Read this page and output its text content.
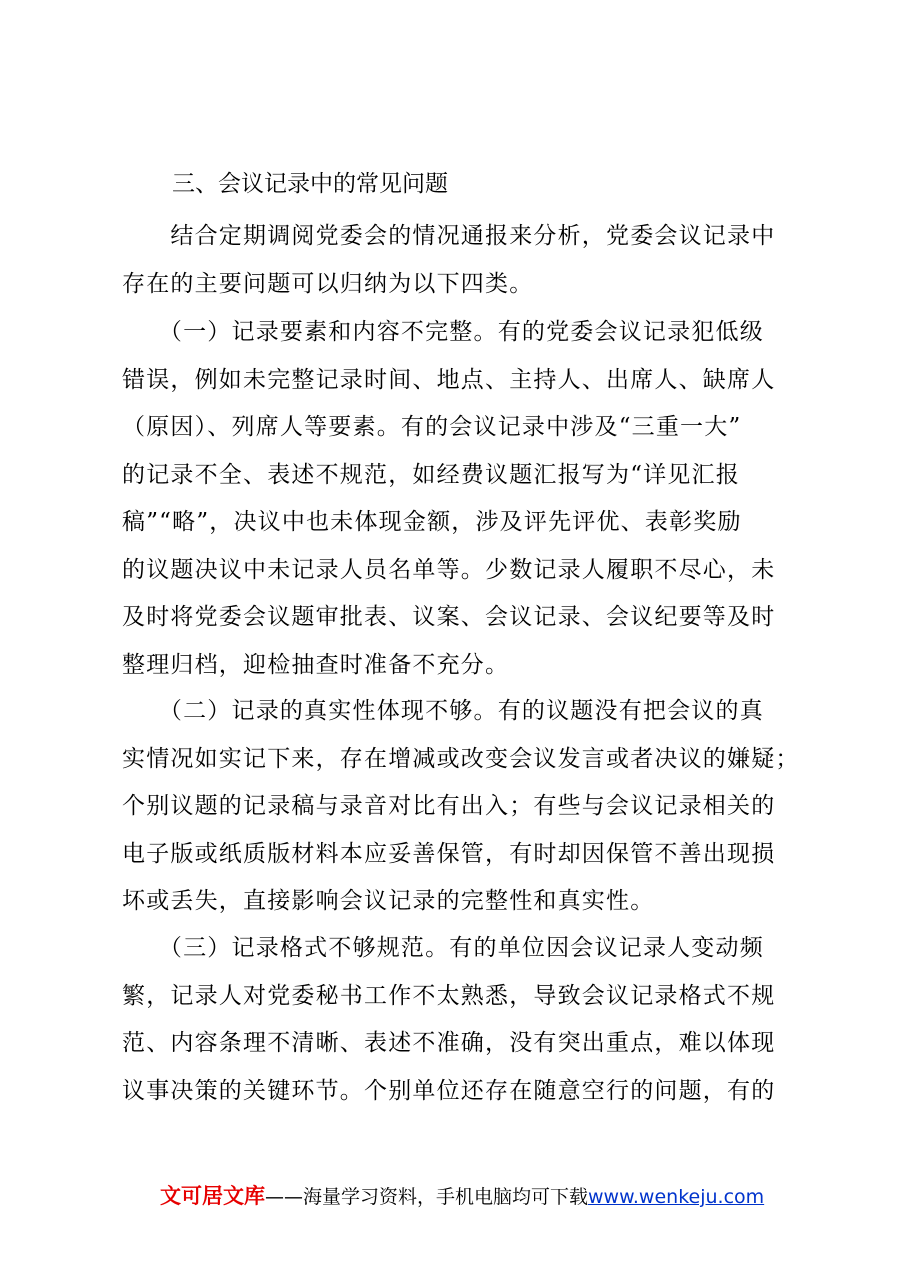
三、会议记录中的常见问题
　　结合定期调阅党委会的情况通报来分析，党委会议记录中
存在的主要问题可以归纳为以下四类。
　　（一）记录要素和内容不完整。有的党委会议记录犯低级
错误，例如未完整记录时间、地点、主持人、出席人、缺席人
（原因）、列席人等要素。有的会议记录中涉及“三重一大”
的记录不全、表述不规范，如经费议题汇报写为“详见汇报
稿”“略”，决议中也未体现金额，涉及评先评优、表彰奖励
的议题决议中未记录人员名单等。少数记录人履职不尽心，未
及时将党委会议题审批表、议案、会议记录、会议纪要等及时
整理归档，迎检抽查时准备不充分。
　　（二）记录的真实性体现不够。有的议题没有把会议的真
实情况如实记下来，存在增减或改变会议发言或者决议的嫌疑；
个别议题的记录稿与录音对比有出入；有些与会议记录相关的
电子版或纸质版材料本应妥善保管，有时却因保管不善出现损
坏或丢失，直接影响会议记录的完整性和真实性。
　　（三）记录格式不够规范。有的单位因会议记录人变动频
繁，记录人对党委秘书工作不太熟悉，导致会议记录格式不规
范、内容条理不清晰、表述不准确，没有突出重点，难以体现
议事决策的关键环节。个别单位还存在随意空行的问题，有的
文可居文库——海量学习资料，手机电脑均可下载www.wenkeju.com
